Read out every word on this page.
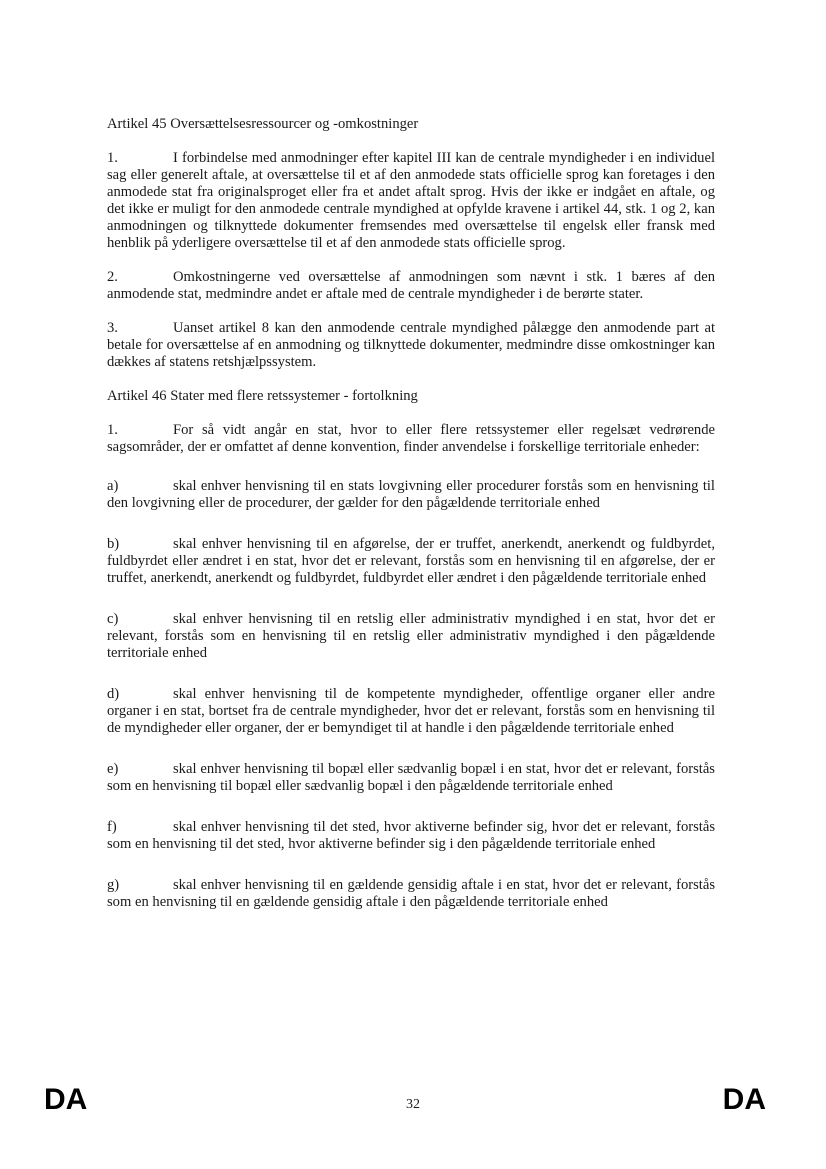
Artikel 45 Oversættelsesressourcer og -omkostninger

1.	I forbindelse med anmodninger efter kapitel III kan de centrale myndigheder i en individuel sag eller generelt aftale, at oversættelse til et af den anmodede stats officielle sprog kan foretages i den anmodede stat fra originalsproget eller fra et andet aftalt sprog. Hvis der ikke er indgået en aftale, og det ikke er muligt for den anmodede centrale myndighed at opfylde kravene i artikel 44, stk. 1 og 2, kan anmodningen og tilknyttede dokumenter fremsendes med oversættelse til engelsk eller fransk med henblik på yderligere oversættelse til et af den anmodede stats officielle sprog.

2.	Omkostningerne ved oversættelse af anmodningen som nævnt i stk. 1 bæres af den anmodende stat, medmindre andet er aftale med de centrale myndigheder i de berørte stater.

3.	Uanset artikel 8 kan den anmodende centrale myndighed pålægge den anmodende part at betale for oversættelse af en anmodning og tilknyttede dokumenter, medmindre disse omkostninger kan dækkes af statens retshjælpssystem.

Artikel 46 Stater med flere retssystemer - fortolkning

1.	For så vidt angår en stat, hvor to eller flere retssystemer eller regelsæt vedrørende sagsområder, der er omfattet af denne konvention, finder anvendelse i forskellige territoriale enheder:

a)	skal enhver henvisning til en stats lovgivning eller procedurer forstås som en henvisning til den lovgivning eller de procedurer, der gælder for den pågældende territoriale enhed

b)	skal enhver henvisning til en afgørelse, der er truffet, anerkendt, anerkendt og fuldbyrdet, fuldbyrdet eller ændret i en stat, hvor det er relevant, forstås som en henvisning til en afgørelse, der er truffet, anerkendt, anerkendt og fuldbyrdet, fuldbyrdet eller ændret i den pågældende territoriale enhed

c)	skal enhver henvisning til en retslig eller administrativ myndighed i en stat, hvor det er relevant, forstås som en henvisning til en retslig eller administrativ myndighed i den pågældende territoriale enhed

d)	skal enhver henvisning til de kompetente myndigheder, offentlige organer eller andre organer i en stat, bortset fra de centrale myndigheder, hvor det er relevant, forstås som en henvisning til de myndigheder eller organer, der er bemyndiget til at handle i den pågældende territoriale enhed

e)	skal enhver henvisning til bopæl eller sædvanlig bopæl i en stat, hvor det er relevant, forstås som en henvisning til bopæl eller sædvanlig bopæl i den pågældende territoriale enhed

f)	skal enhver henvisning til det sted, hvor aktiverne befinder sig, hvor det er relevant, forstås som en henvisning til det sted, hvor aktiverne befinder sig i den pågældende territoriale enhed

g)	skal enhver henvisning til en gældende gensidig aftale i en stat, hvor det er relevant, forstås som en henvisning til en gældende gensidig aftale i den pågældende territoriale enhed

DA	32	DA
